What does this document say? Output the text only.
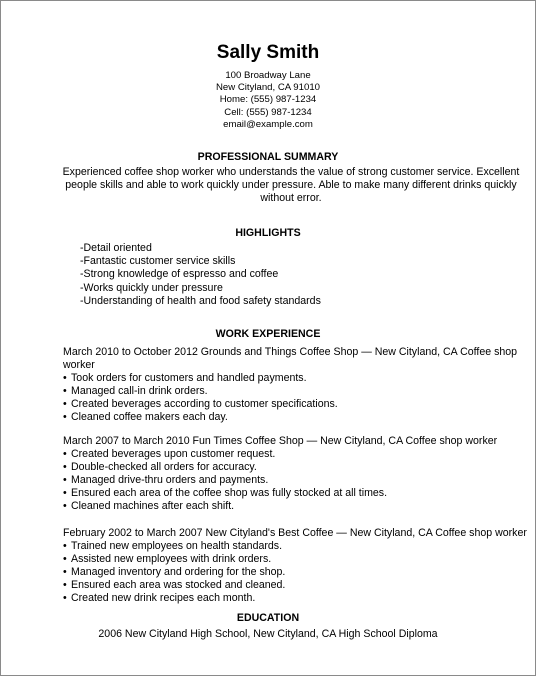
Sally Smith
100 Broadway Lane
New Cityland, CA 91010
Home: (555) 987-1234
Cell: (555) 987-1234
email@example.com
PROFESSIONAL SUMMARY
Experienced coffee shop worker who understands the value of strong customer service. Excellent people skills and able to work quickly under pressure. Able to make many different drinks quickly without error.
HIGHLIGHTS
-Detail oriented
-Fantastic customer service skills
-Strong knowledge of espresso and coffee
-Works quickly under pressure
-Understanding of health and food safety standards
WORK EXPERIENCE
March 2010 to October 2012 Grounds and Things Coffee Shop — New Cityland, CA Coffee shop worker
• Took orders for customers and handled payments.
• Managed call-in drink orders.
• Created beverages according to customer specifications.
• Cleaned coffee makers each day.
March 2007 to March 2010 Fun Times Coffee Shop — New Cityland, CA Coffee shop worker
• Created beverages upon customer request.
• Double-checked all orders for accuracy.
• Managed drive-thru orders and payments.
• Ensured each area of the coffee shop was fully stocked at all times.
• Cleaned machines after each shift.
February 2002 to March 2007 New Cityland's Best Coffee — New Cityland, CA Coffee shop worker
• Trained new employees on health standards.
• Assisted new employees with drink orders.
• Managed inventory and ordering for the shop.
• Ensured each area was stocked and cleaned.
• Created new drink recipes each month.
EDUCATION
2006 New Cityland High School, New Cityland, CA High School Diploma
